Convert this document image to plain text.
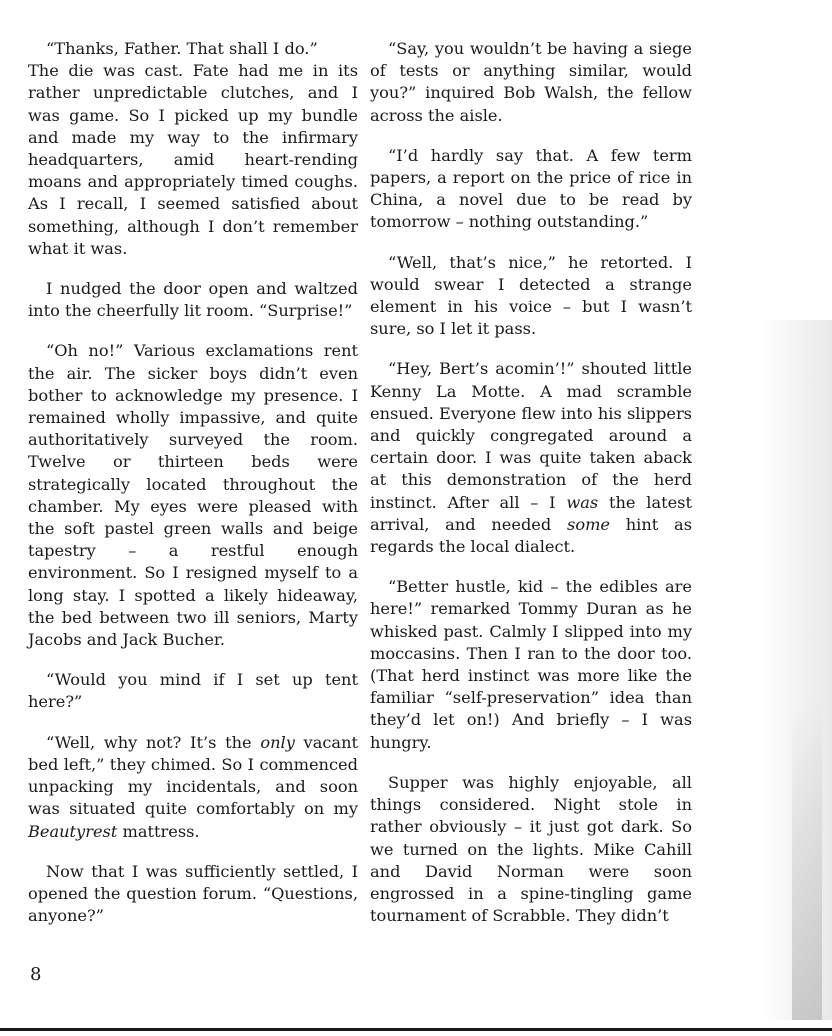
“Thanks, Father. That shall I do.”

The die was cast. Fate had me in its rather unpredictable clutches, and I was game. So I picked up my bundle and made my way to the infirmary headquarters, amid heart-rending moans and appropriately timed coughs. As I recall, I seemed satisfied about something, although I don’t remember what it was.

I nudged the door open and waltzed into the cheerfully lit room. “Surprise!”

“Oh no!” Various exclamations rent the air. The sicker boys didn’t even bother to acknowledge my presence. I remained wholly impassive, and quite authoritatively surveyed the room. Twelve or thirteen beds were strategically located throughout the chamber. My eyes were pleased with the soft pastel green walls and beige tapestry – a restful enough environment. So I resigned myself to a long stay. I spotted a likely hideaway, the bed between two ill seniors, Marty Jacobs and Jack Bucher.

“Would you mind if I set up tent here?”

“Well, why not? It’s the only vacant bed left,” they chimed. So I commenced unpacking my incidentals, and soon was situated quite comfortably on my Beautyrest mattress.

Now that I was sufficiently settled, I opened the question forum. “Questions, anyone?”

“Say, you wouldn’t be having a siege of tests or anything similar, would you?” inquired Bob Walsh, the fellow across the aisle.

“I’d hardly say that. A few term papers, a report on the price of rice in China, a novel due to be read by tomorrow – nothing outstanding.”

“Well, that’s nice,” he retorted. I would swear I detected a strange element in his voice – but I wasn’t sure, so I let it pass.

“Hey, Bert’s acomin’!” shouted little Kenny La Motte. A mad scramble ensued. Everyone flew into his slippers and quickly congregated around a certain door. I was quite taken aback at this demonstration of the herd instinct. After all – I was the latest arrival, and needed some hint as regards the local dialect.

“Better hustle, kid – the edibles are here!” remarked Tommy Duran as he whisked past. Calmly I slipped into my moccasins. Then I ran to the door too. (That herd instinct was more like the familiar “self-preservation” idea than they’d let on!) And briefly – I was hungry.

Supper was highly enjoyable, all things considered. Night stole in rather obviously – it just got dark. So we turned on the lights. Mike Cahill and David Norman were soon engrossed in a spine-tingling game tournament of Scrabble. They didn’t

8
